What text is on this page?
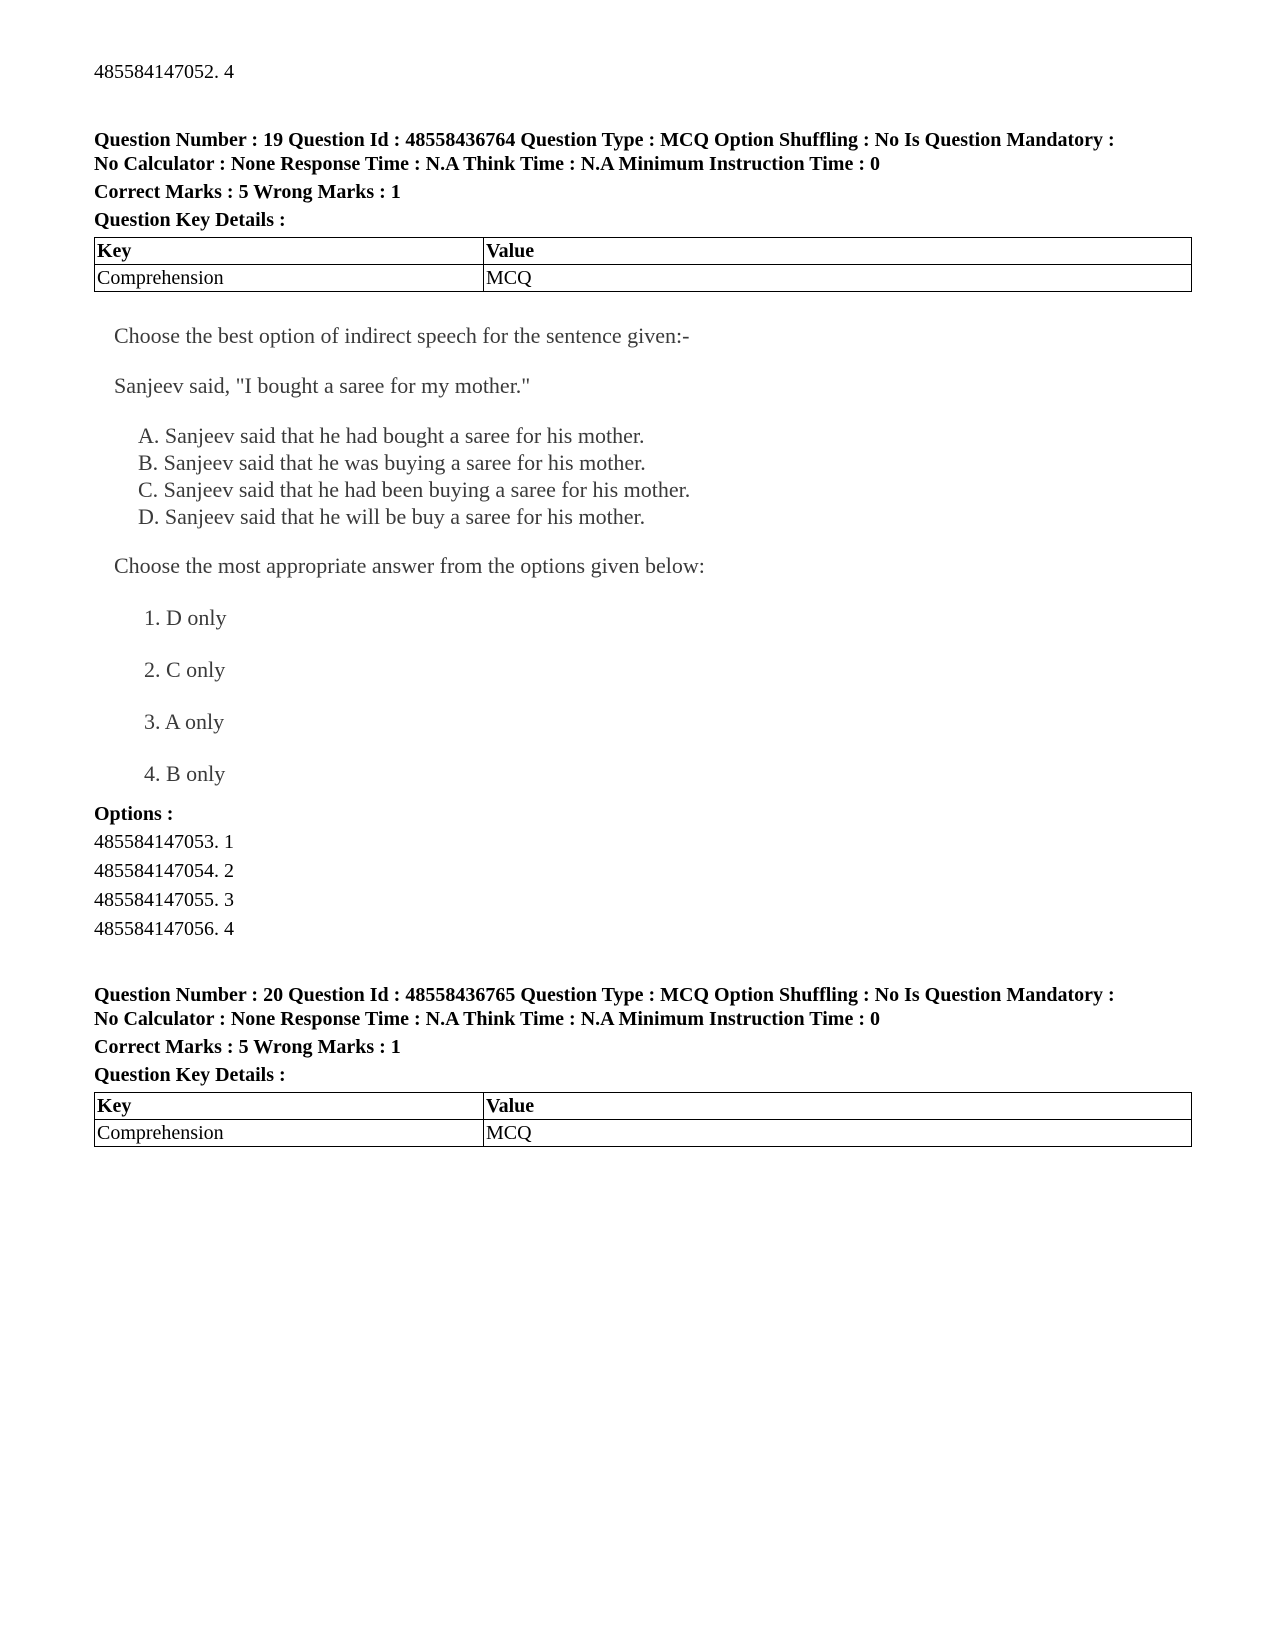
485584147052. 4

Question Number : 19 Question Id : 48558436764 Question Type : MCQ Option Shuffling : No Is Question Mandatory :

No Calculator : None Response Time : N.A Think Time : N.A Minimum Instruction Time : 0

Correct Marks : 5 Wrong Marks : 1

Question Key Details :

Key	Value
Comprehension	MCQ
Choose the best option of indirect speech for the sentence given:-
Sanjeev said, "I bought a saree for my mother."
A. Sanjeev said that he had bought a saree for his mother.
B. Sanjeev said that he was buying a saree for his mother.
C. Sanjeev said that he had been buying a saree for his mother.
D. Sanjeev said that he will be buy a saree for his mother.
Choose the most appropriate answer from the options given below:
1. D only
2. C only
3. A only
4. B only
Options :
485584147053. 1
485584147054. 2
485584147055. 3
485584147056. 4

Question Number : 20 Question Id : 48558436765 Question Type : MCQ Option Shuffling : No Is Question Mandatory :

No Calculator : None Response Time : N.A Think Time : N.A Minimum Instruction Time : 0

Correct Marks : 5 Wrong Marks : 1

Question Key Details :

Key	Value
Comprehension	MCQ
